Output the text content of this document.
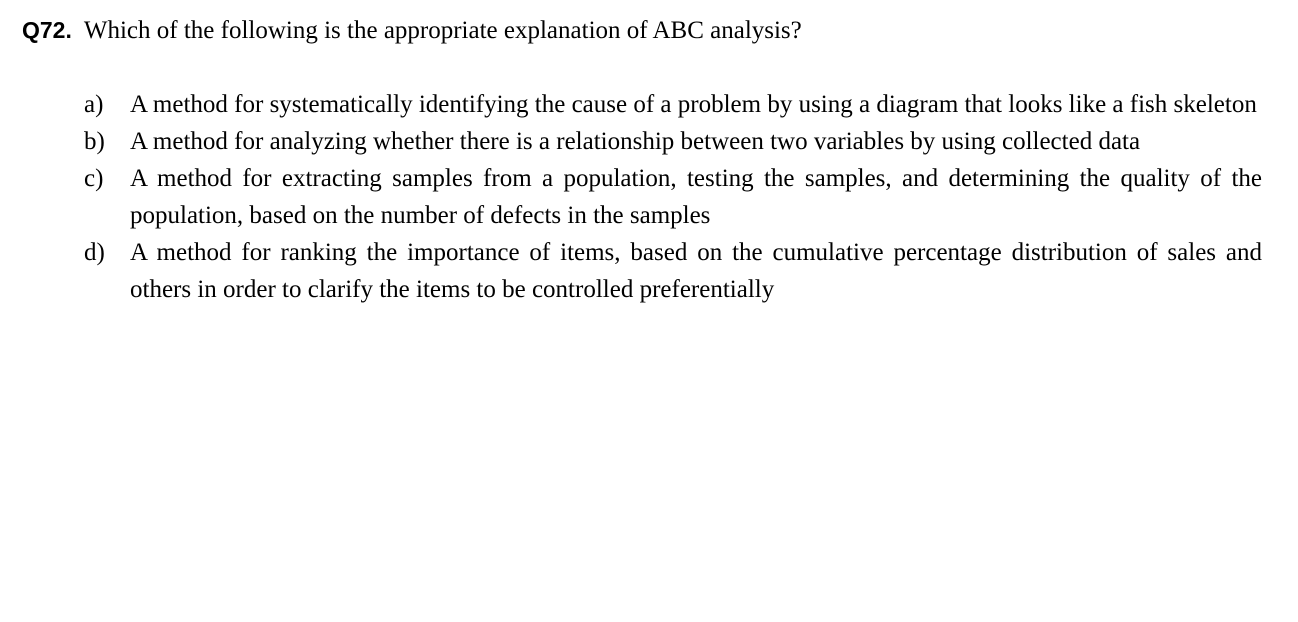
Q72. Which of the following is the appropriate explanation of ABC analysis?
a)	A method for systematically identifying the cause of a problem by using a diagram that looks like a fish skeleton
b)	A method for analyzing whether there is a relationship between two variables by using collected data
c)	A method for extracting samples from a population, testing the samples, and determining the quality of the population, based on the number of defects in the samples
d)	A method for ranking the importance of items, based on the cumulative percentage distribution of sales and others in order to clarify the items to be controlled preferentially
